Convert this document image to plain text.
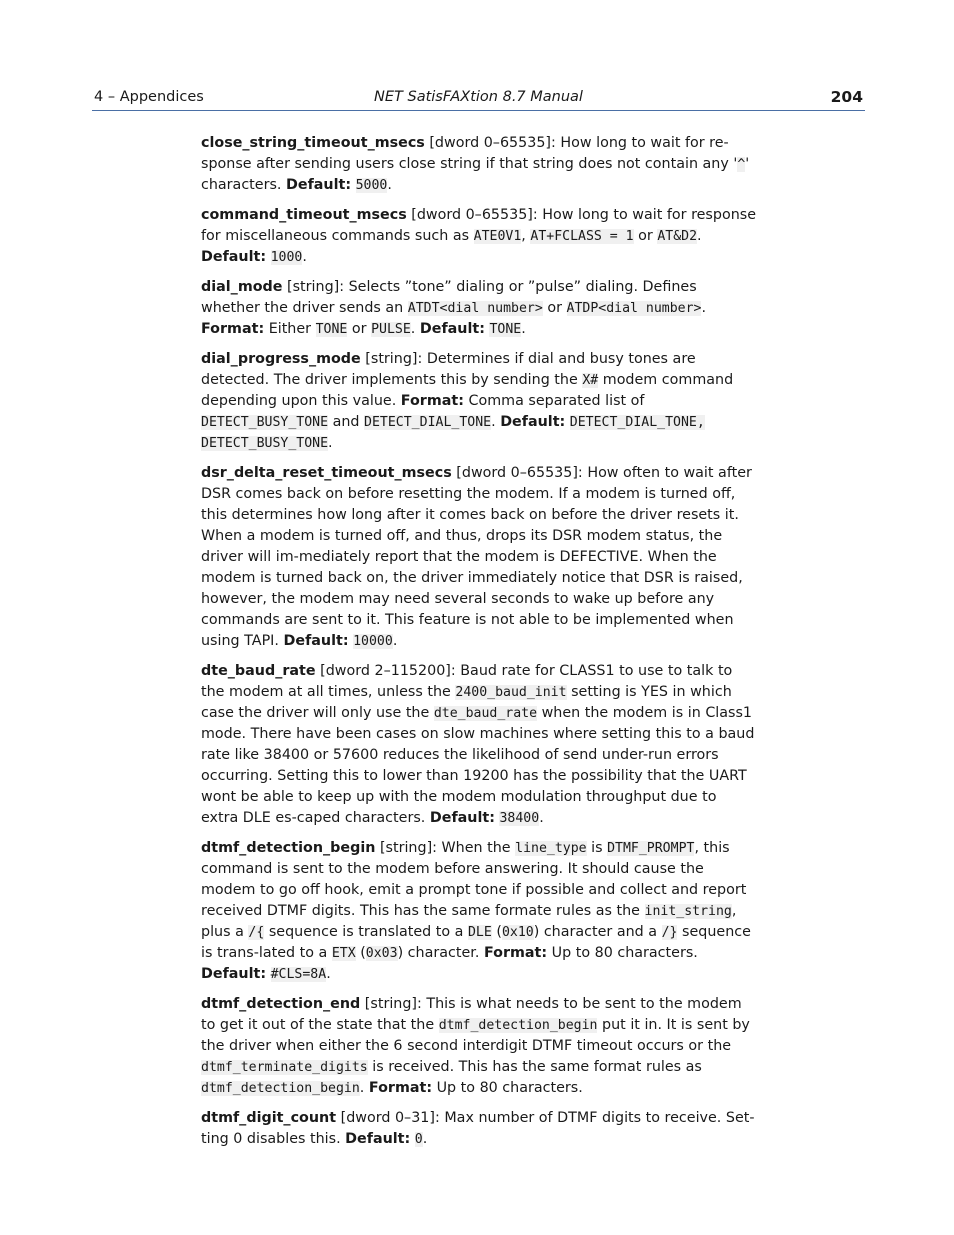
4 – Appendices	NET SatisFAXtion 8.7 Manual	204

close_string_timeout_msecs [dword 0–65535]: How long to wait for re-sponse after sending users close string if that string does not contain any '^' characters. Default: 5000.

command_timeout_msecs [dword 0–65535]: How long to wait for response for miscellaneous commands such as ATE0V1, AT+FCLASS = 1 or AT&D2. Default: 1000.

dial_mode [string]: Selects ”tone” dialing or ”pulse” dialing. Defines whether the driver sends an ATDT<dial number> or ATDP<dial number>. Format: Either TONE or PULSE. Default: TONE.

dial_progress_mode [string]: Determines if dial and busy tones are detected. The driver implements this by sending the X# modem command depending upon this value. Format: Comma separated list of DETECT_BUSY_TONE and DETECT_DIAL_TONE. Default: DETECT_DIAL_TONE, DETECT_BUSY_TONE.

dsr_delta_reset_timeout_msecs [dword 0–65535]: How often to wait after DSR comes back on before resetting the modem. If a modem is turned off, this determines how long after it comes back on before the driver resets it. When a modem is turned off, and thus, drops its DSR modem status, the driver will im-mediately report that the modem is DEFECTIVE. When the modem is turned back on, the driver immediately notice that DSR is raised, however, the modem may need several seconds to wake up before any commands are sent to it. This feature is not able to be implemented when using TAPI. Default: 10000.

dte_baud_rate [dword 2–115200]: Baud rate for CLASS1 to use to talk to the modem at all times, unless the 2400_baud_init setting is YES in which case the driver will only use the dte_baud_rate when the modem is in Class1 mode. There have been cases on slow machines where setting this to a baud rate like 38400 or 57600 reduces the likelihood of send under-run errors occurring. Setting this to lower than 19200 has the possibility that the UART wont be able to keep up with the modem modulation throughput due to extra DLE es-caped characters. Default: 38400.

dtmf_detection_begin [string]: When the line_type is DTMF_PROMPT, this command is sent to the modem before answering. It should cause the modem to go off hook, emit a prompt tone if possible and collect and report received DTMF digits. This has the same formate rules as the init_string, plus a /{ sequence is translated to a DLE (0x10) character and a /} sequence is trans-lated to a ETX (0x03) character. Format: Up to 80 characters. Default: #CLS=8A.

dtmf_detection_end [string]: This is what needs to be sent to the modem to get it out of the state that the dtmf_detection_begin put it in. It is sent by the driver when either the 6 second interdigit DTMF timeout occurs or the dtmf_terminate_digits is received. This has the same format rules as dtmf_detection_begin. Format: Up to 80 characters.

dtmf_digit_count [dword 0–31]: Max number of DTMF digits to receive. Set-ting 0 disables this. Default: 0.
